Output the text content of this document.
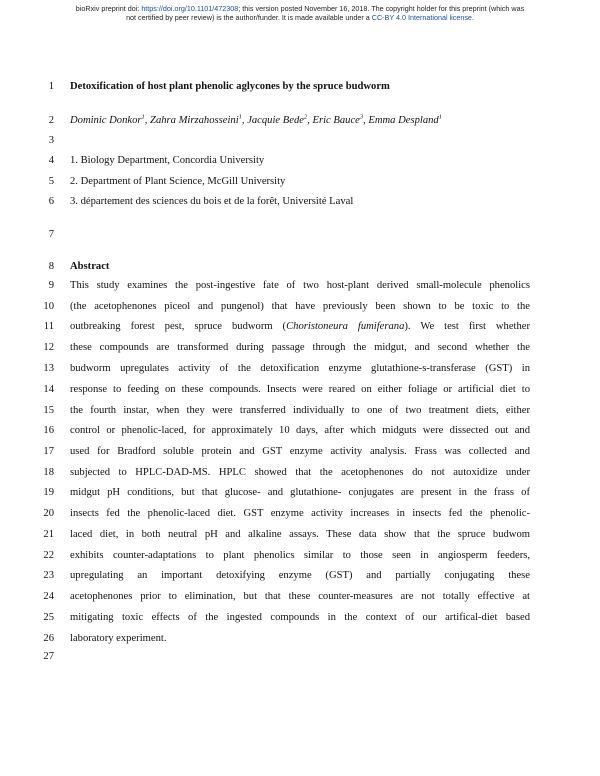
bioRxiv preprint doi: https://doi.org/10.1101/472308; this version posted November 16, 2018. The copyright holder for this preprint (which was
not certified by peer review) is the author/funder. It is made available under a CC-BY 4.0 International license.
1
2
3
4
5
6
7
8
9
10
11
12
13
14
15
16
17
18
19
20
21
22
23
24
25
26
27
Detoxification of host plant phenolic aglycones by the spruce budworm
Dominic Donkor$^1$, Zahra Mirzahosseini$^1$, Jacquie Bede$^2$, Eric Bauce$^3$, Emma Despland$^1$
1. Biology Department, Concordia University
2. Department of Plant Science, McGill University
3. département des sciences du bois et de la forêt, Université Laval
Abstract
This study examines the post-ingestive fate of two host-plant derived small-molecule phenolics
(the acetophenones piceol and pungenol) that have previously been shown to be toxic to the
outbreaking forest pest, spruce budworm (Choristoneura fumiferana). We test first whether
these compounds are transformed during passage through the midgut, and second whether the
budworm upregulates activity of the detoxification enzyme glutathione-s-transferase (GST) in
response to feeding on these compounds. Insects were reared on either foliage or artificial diet to
the fourth instar, when they were transferred individually to one of two treatment diets, either
control or phenolic-laced, for approximately 10 days, after which midguts were dissected out and
used for Bradford soluble protein and GST enzyme activity analysis. Frass was collected and
subjected to HPLC-DAD-MS. HPLC showed that the acetophenones do not autoxidize under
midgut pH conditions, but that glucose- and glutathione- conjugates are present in the frass of
insects fed the phenolic-laced diet. GST enzyme activity increases in insects fed the phenolic-
laced diet, in both neutral pH and alkaline assays. These data show that the spruce budwom
exhibits counter-adaptations to plant phenolics similar to those seen in angiosperm feeders,
upregulating an important detoxifying enzyme (GST) and partially conjugating these
acetophenones prior to elimination, but that these counter-measures are not totally effective at
mitigating toxic effects of the ingested compounds in the context of our artifical-diet based
laboratory experiment.
